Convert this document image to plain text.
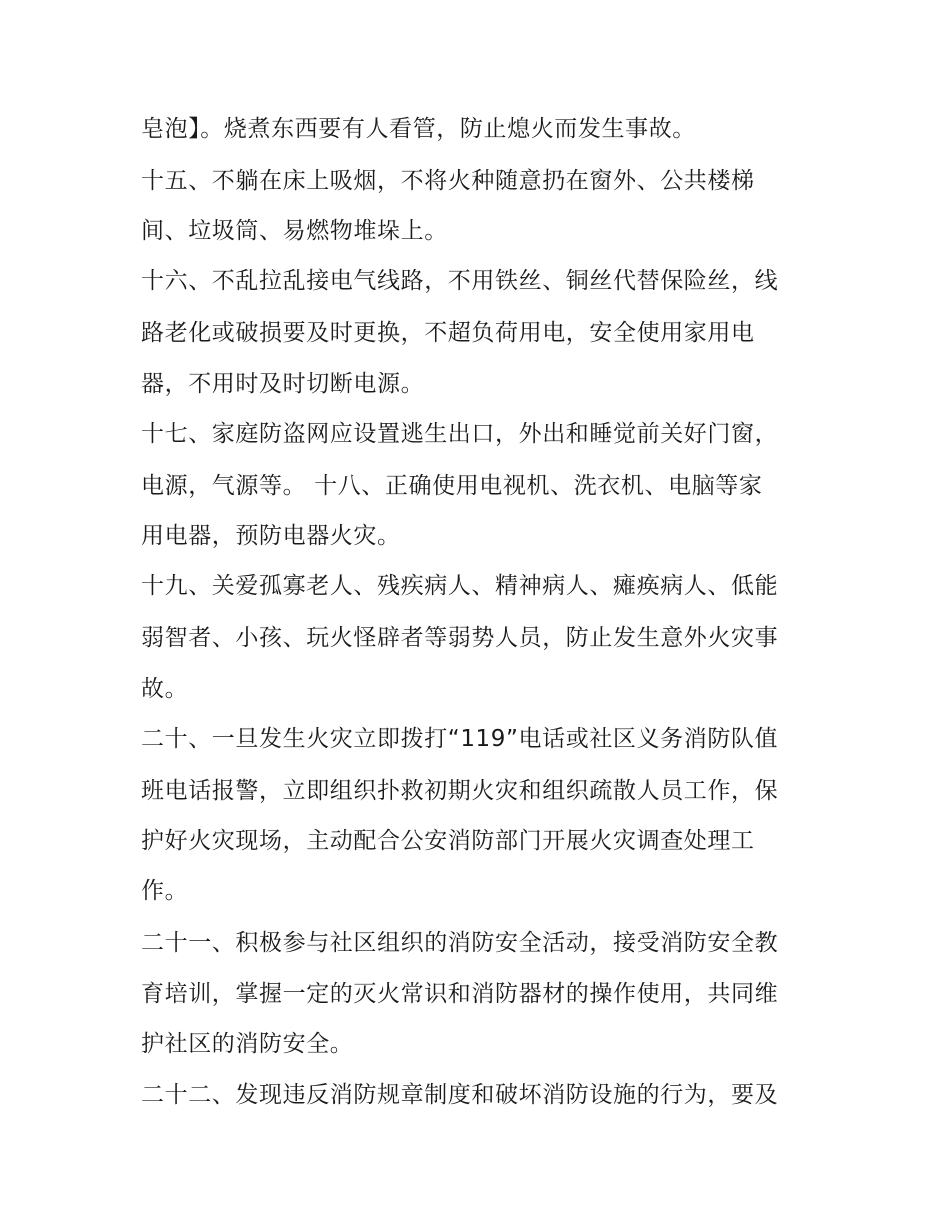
皂泡】。烧煮东西要有人看管，防止熄火而发生事故。
十五、不躺在床上吸烟，不将火种随意扔在窗外、公共楼梯
间、垃圾筒、易燃物堆垛上。
十六、不乱拉乱接电气线路，不用铁丝、铜丝代替保险丝，线
路老化或破损要及时更换，不超负荷用电，安全使用家用电
器，不用时及时切断电源。
十七、家庭防盗网应设置逃生出口，外出和睡觉前关好门窗，
电源，气源等。 十八、正确使用电视机、洗衣机、电脑等家
用电器，预防电器火灾。
十九、关爱孤寡老人、残疾病人、精神病人、瘫痪病人、低能
弱智者、小孩、玩火怪辟者等弱势人员，防止发生意外火灾事
故。
二十、一旦发生火灾立即拨打“119”电话或社区义务消防队值
班电话报警，立即组织扑救初期火灾和组织疏散人员工作，保
护好火灾现场，主动配合公安消防部门开展火灾调查处理工
作。
二十一、积极参与社区组织的消防安全活动，接受消防安全教
育培训，掌握一定的灭火常识和消防器材的操作使用，共同维
护社区的消防安全。
二十二、发现违反消防规章制度和破坏消防设施的行为，要及
